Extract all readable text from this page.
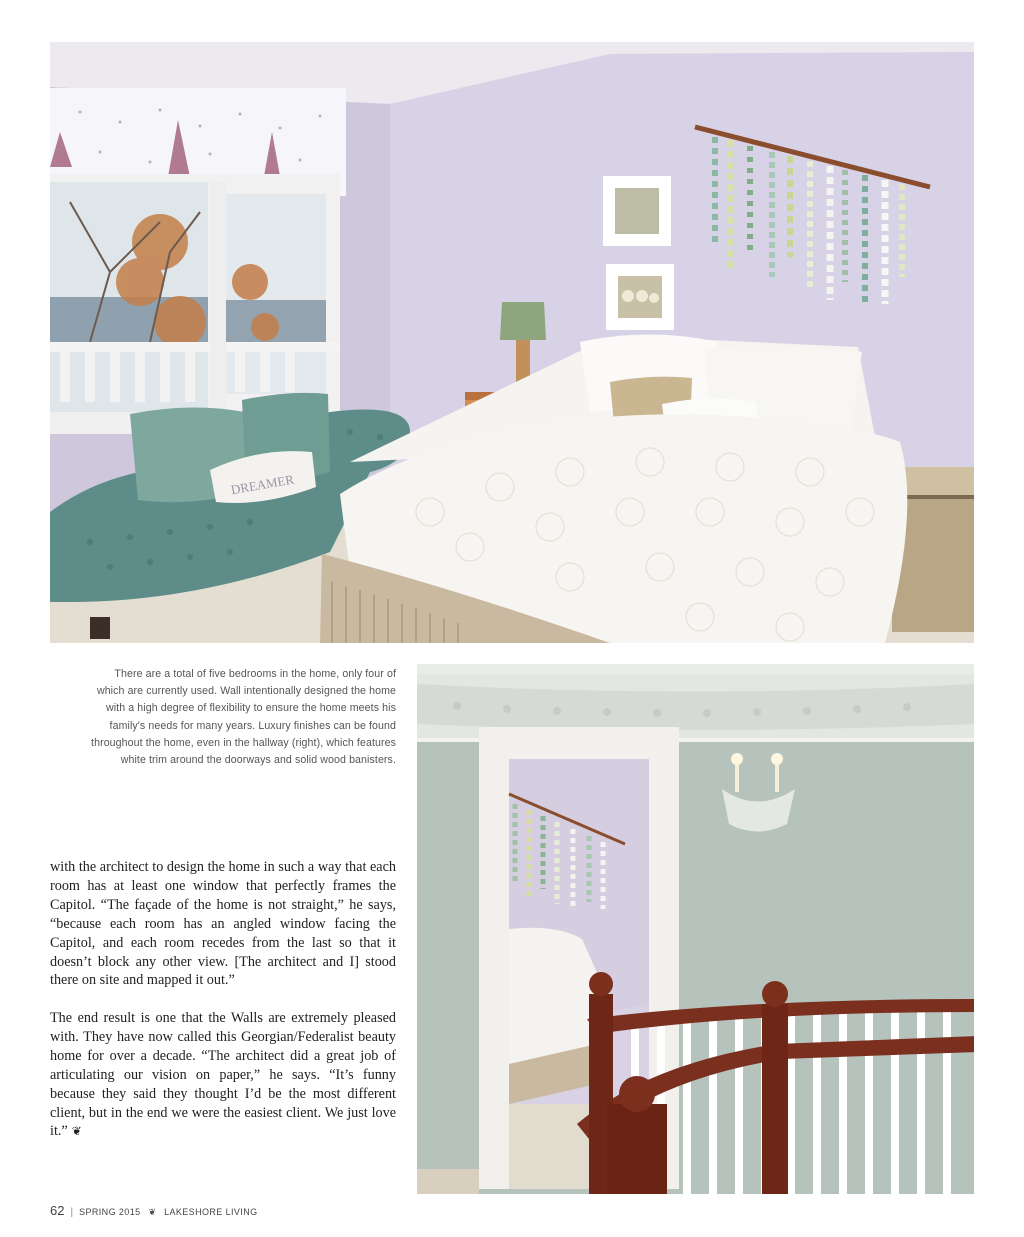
DREAMER
There are a total of five bedrooms in the home, only four of which are currently used. Wall intentionally designed the home with a high degree of flexibility to ensure the home meets his family's needs for many years. Luxury finishes can be found throughout the home, even in the hallway (right), which features white trim around the doorways and solid wood banisters.

with the architect to design the home in such a way that each room has at least one window that perfectly frames the Capitol. “The façade of the home is not straight,” he says, “because each room has an angled window facing the Capitol, and each room recedes from the last so that it doesn’t block any other view. [The architect and I] stood there on site and mapped it out.”

The end result is one that the Walls are extremely pleased with. They have now called this Georgian/Federalist beauty home for over a decade. “The architect did a great job of articulating our vision on paper,” he says. “It’s funny because they said they thought I’d be the most different client, but in the end we were the easiest client. We just love it.” ❦

62 | SPRING 2015 ❦ LAKESHORE LIVING
